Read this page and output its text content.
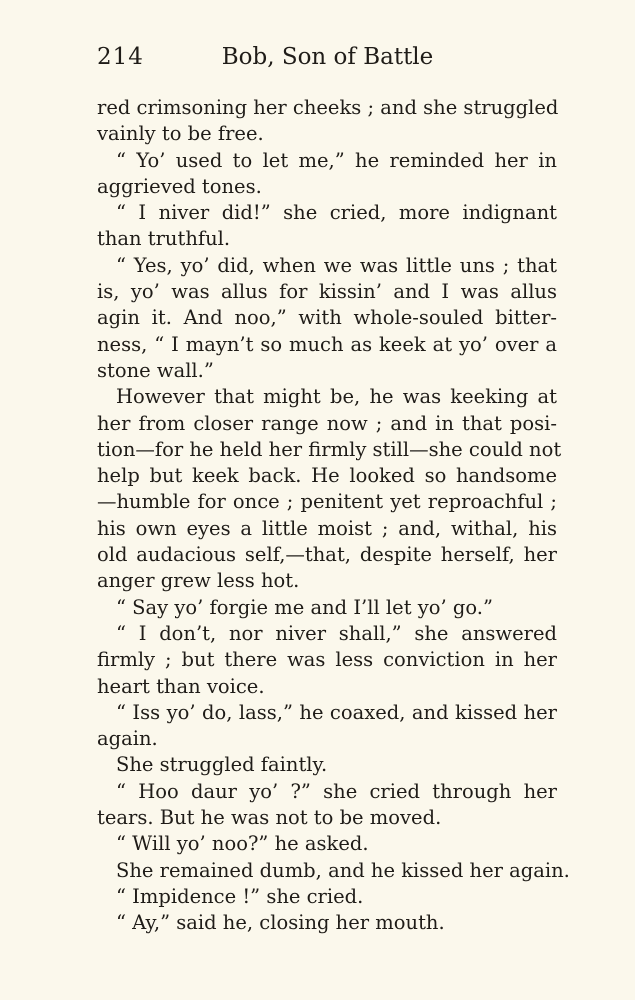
214	Bob, Son of Battle
red crimsoning her cheeks ; and she struggled
vainly to be free.
“ Yo’ used to let me,” he reminded her in
aggrieved tones.
“ I niver did!” she cried, more indignant
than truthful.
“ Yes, yo’ did, when we was little uns ; that
is, yo’ was allus for kissin’ and I was allus
agin it. And noo,” with whole-souled bitter-
ness, “ I mayn’t so much as keek at yo’ over a
stone wall.”
However that might be, he was keeking at
her from closer range now ; and in that posi-
tion—for he held her firmly still—she could not
help but keek back. He looked so handsome
—humble for once ; penitent yet reproachful ;
his own eyes a little moist ; and, withal, his
old audacious self,—that, despite herself, her
anger grew less hot.
“ Say yo’ forgie me and I’ll let yo’ go.”
“ I don’t, nor niver shall,” she answered
firmly ; but there was less conviction in her
heart than voice.
“ Iss yo’ do, lass,” he coaxed, and kissed her
again.
She struggled faintly.
“ Hoo daur yo’ ?” she cried through her
tears. But he was not to be moved.
“ Will yo’ noo?” he asked.
She remained dumb, and he kissed her again.
“ Impidence !” she cried.
“ Ay,” said he, closing her mouth.
